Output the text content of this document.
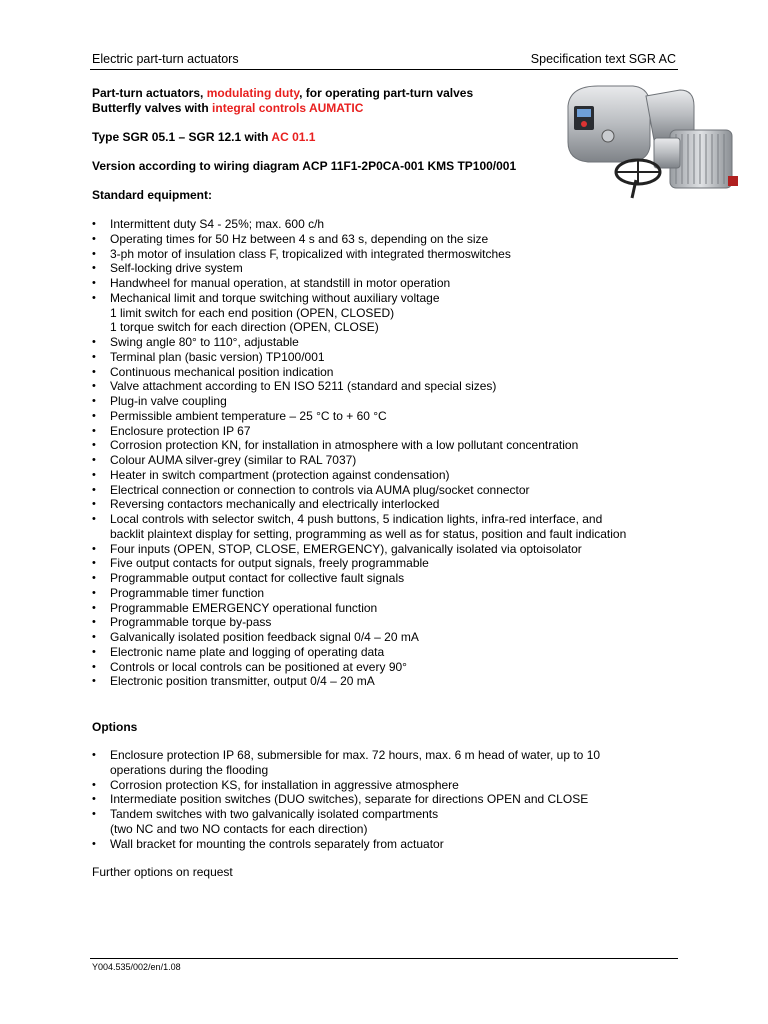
Electric part-turn actuators	Specification text SGR AC
Part-turn actuators, modulating duty, for operating part-turn valves
Butterfly valves with integral controls AUMATIC
Type SGR 05.1 – SGR 12.1 with AC 01.1
Version according to wiring diagram ACP 11F1-2P0CA-001 KMS TP100/001
Standard equipment:
• Intermittent duty S4 - 25%; max. 600 c/h
• Operating times for 50 Hz between 4 s and 63 s, depending on the size
• 3-ph motor of insulation class F, tropicalized with integrated thermoswitches
• Self-locking drive system
• Handwheel for manual operation, at standstill in motor operation
• Mechanical limit and torque switching without auxiliary voltage
1 limit switch for each end position (OPEN, CLOSED)
1 torque switch for each direction (OPEN, CLOSE)
• Swing angle 80° to 110°, adjustable
• Terminal plan (basic version) TP100/001
• Continuous mechanical position indication
• Valve attachment according to EN ISO 5211 (standard and special sizes)
• Plug-in valve coupling
• Permissible ambient temperature – 25 °C to + 60 °C
• Enclosure protection IP 67
• Corrosion protection KN, for installation in atmosphere with a low pollutant concentration
• Colour AUMA silver-grey (similar to RAL 7037)
• Heater in switch compartment (protection against condensation)
• Electrical connection or connection to controls via AUMA plug/socket connector
• Reversing contactors mechanically and electrically interlocked
• Local controls with selector switch, 4 push buttons, 5 indication lights, infra-red interface, and
backlit plaintext display for setting, programming as well as for status, position and fault indication
• Four inputs (OPEN, STOP, CLOSE, EMERGENCY), galvanically isolated via optoisolator
• Five output contacts for output signals, freely programmable
• Programmable output contact for collective fault signals
• Programmable timer function
• Programmable EMERGENCY operational function
• Programmable torque by-pass
• Galvanically isolated position feedback signal 0/4 – 20 mA
• Electronic name plate and logging of operating data
• Controls or local controls can be positioned at every 90°
• Electronic position transmitter, output 0/4 – 20 mA
Options
• Enclosure protection IP 68, submersible for max. 72 hours, max. 6 m head of water, up to 10
operations during the flooding
• Corrosion protection KS, for installation in aggressive atmosphere
• Intermediate position switches (DUO switches), separate for directions OPEN and CLOSE
• Tandem switches with two galvanically isolated compartments
(two NC and two NO contacts for each direction)
• Wall bracket for mounting the controls separately from actuator
Further options on request
Y004.535/002/en/1.08
